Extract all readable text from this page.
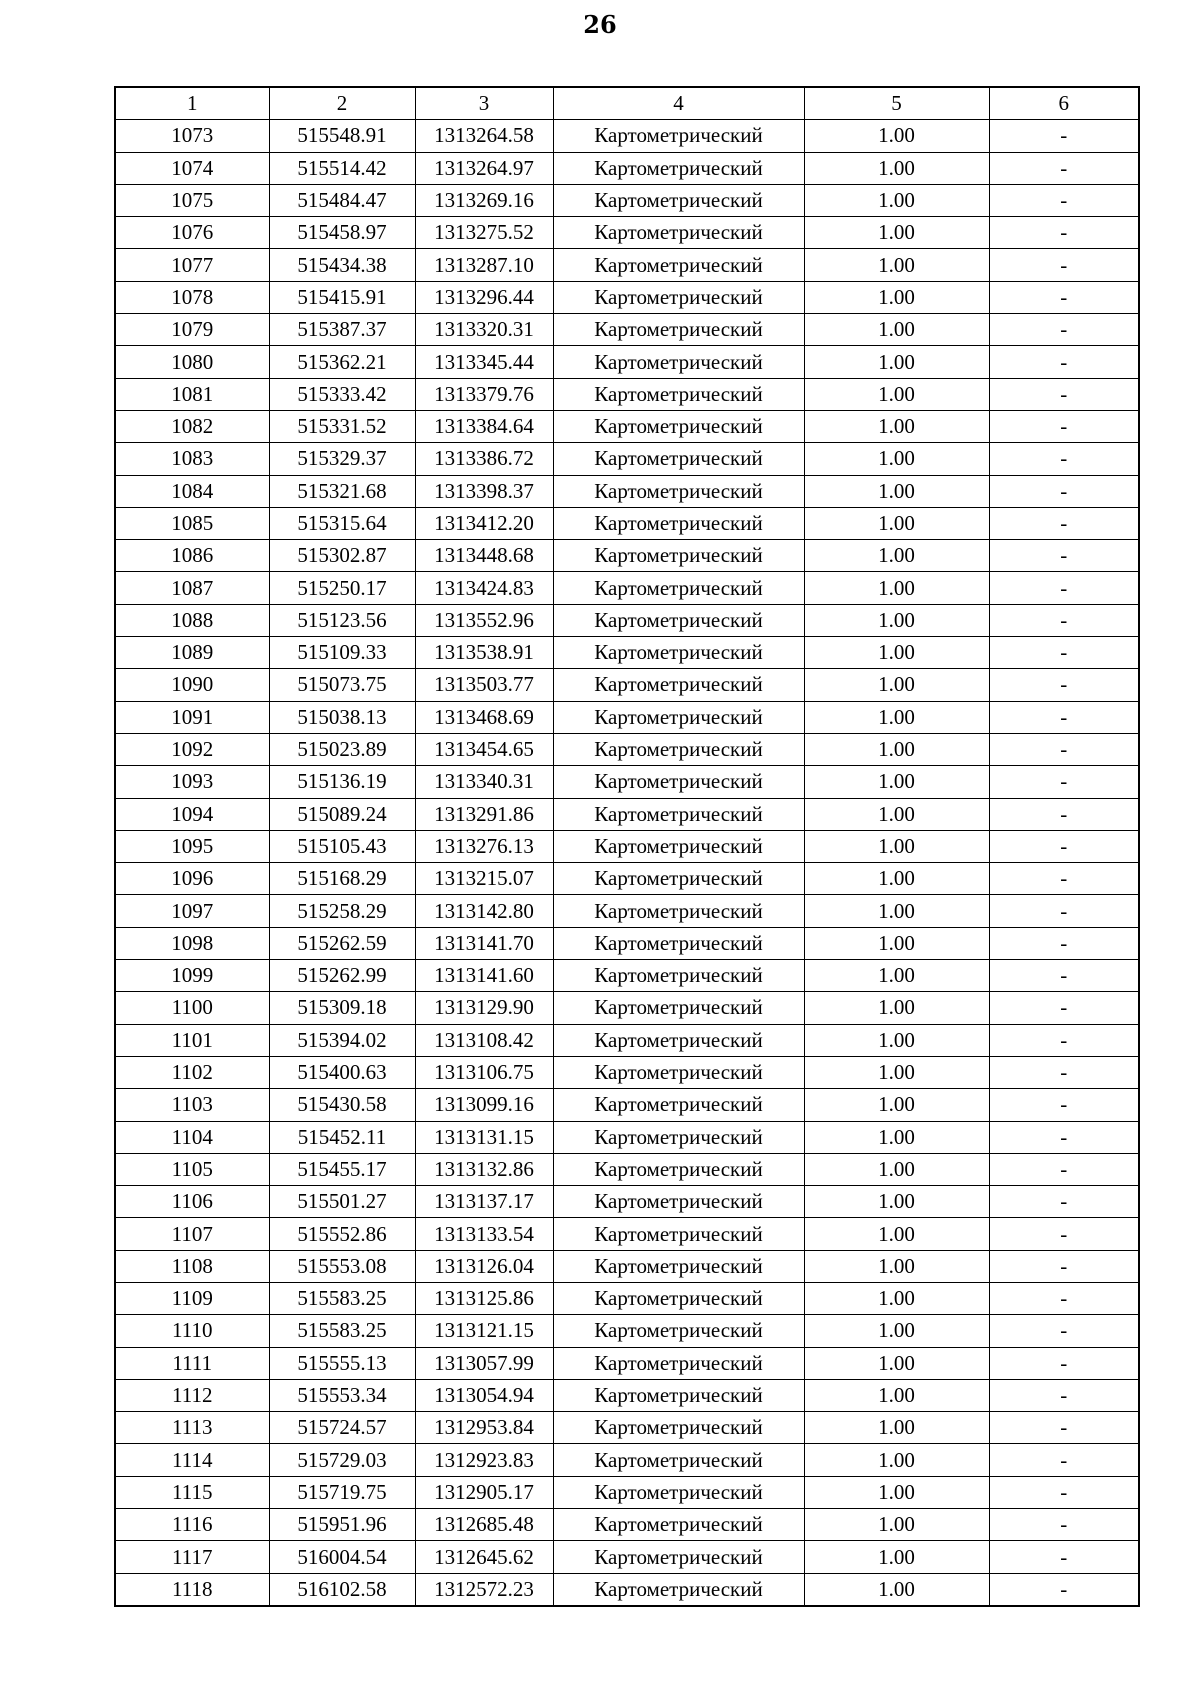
26
1	2	3	4	5	6
1073	515548.91	1313264.58	Картометрический	1.00	-
1074	515514.42	1313264.97	Картометрический	1.00	-
1075	515484.47	1313269.16	Картометрический	1.00	-
1076	515458.97	1313275.52	Картометрический	1.00	-
1077	515434.38	1313287.10	Картометрический	1.00	-
1078	515415.91	1313296.44	Картометрический	1.00	-
1079	515387.37	1313320.31	Картометрический	1.00	-
1080	515362.21	1313345.44	Картометрический	1.00	-
1081	515333.42	1313379.76	Картометрический	1.00	-
1082	515331.52	1313384.64	Картометрический	1.00	-
1083	515329.37	1313386.72	Картометрический	1.00	-
1084	515321.68	1313398.37	Картометрический	1.00	-
1085	515315.64	1313412.20	Картометрический	1.00	-
1086	515302.87	1313448.68	Картометрический	1.00	-
1087	515250.17	1313424.83	Картометрический	1.00	-
1088	515123.56	1313552.96	Картометрический	1.00	-
1089	515109.33	1313538.91	Картометрический	1.00	-
1090	515073.75	1313503.77	Картометрический	1.00	-
1091	515038.13	1313468.69	Картометрический	1.00	-
1092	515023.89	1313454.65	Картометрический	1.00	-
1093	515136.19	1313340.31	Картометрический	1.00	-
1094	515089.24	1313291.86	Картометрический	1.00	-
1095	515105.43	1313276.13	Картометрический	1.00	-
1096	515168.29	1313215.07	Картометрический	1.00	-
1097	515258.29	1313142.80	Картометрический	1.00	-
1098	515262.59	1313141.70	Картометрический	1.00	-
1099	515262.99	1313141.60	Картометрический	1.00	-
1100	515309.18	1313129.90	Картометрический	1.00	-
1101	515394.02	1313108.42	Картометрический	1.00	-
1102	515400.63	1313106.75	Картометрический	1.00	-
1103	515430.58	1313099.16	Картометрический	1.00	-
1104	515452.11	1313131.15	Картометрический	1.00	-
1105	515455.17	1313132.86	Картометрический	1.00	-
1106	515501.27	1313137.17	Картометрический	1.00	-
1107	515552.86	1313133.54	Картометрический	1.00	-
1108	515553.08	1313126.04	Картометрический	1.00	-
1109	515583.25	1313125.86	Картометрический	1.00	-
1110	515583.25	1313121.15	Картометрический	1.00	-
1111	515555.13	1313057.99	Картометрический	1.00	-
1112	515553.34	1313054.94	Картометрический	1.00	-
1113	515724.57	1312953.84	Картометрический	1.00	-
1114	515729.03	1312923.83	Картометрический	1.00	-
1115	515719.75	1312905.17	Картометрический	1.00	-
1116	515951.96	1312685.48	Картометрический	1.00	-
1117	516004.54	1312645.62	Картометрический	1.00	-
1118	516102.58	1312572.23	Картометрический	1.00	-
